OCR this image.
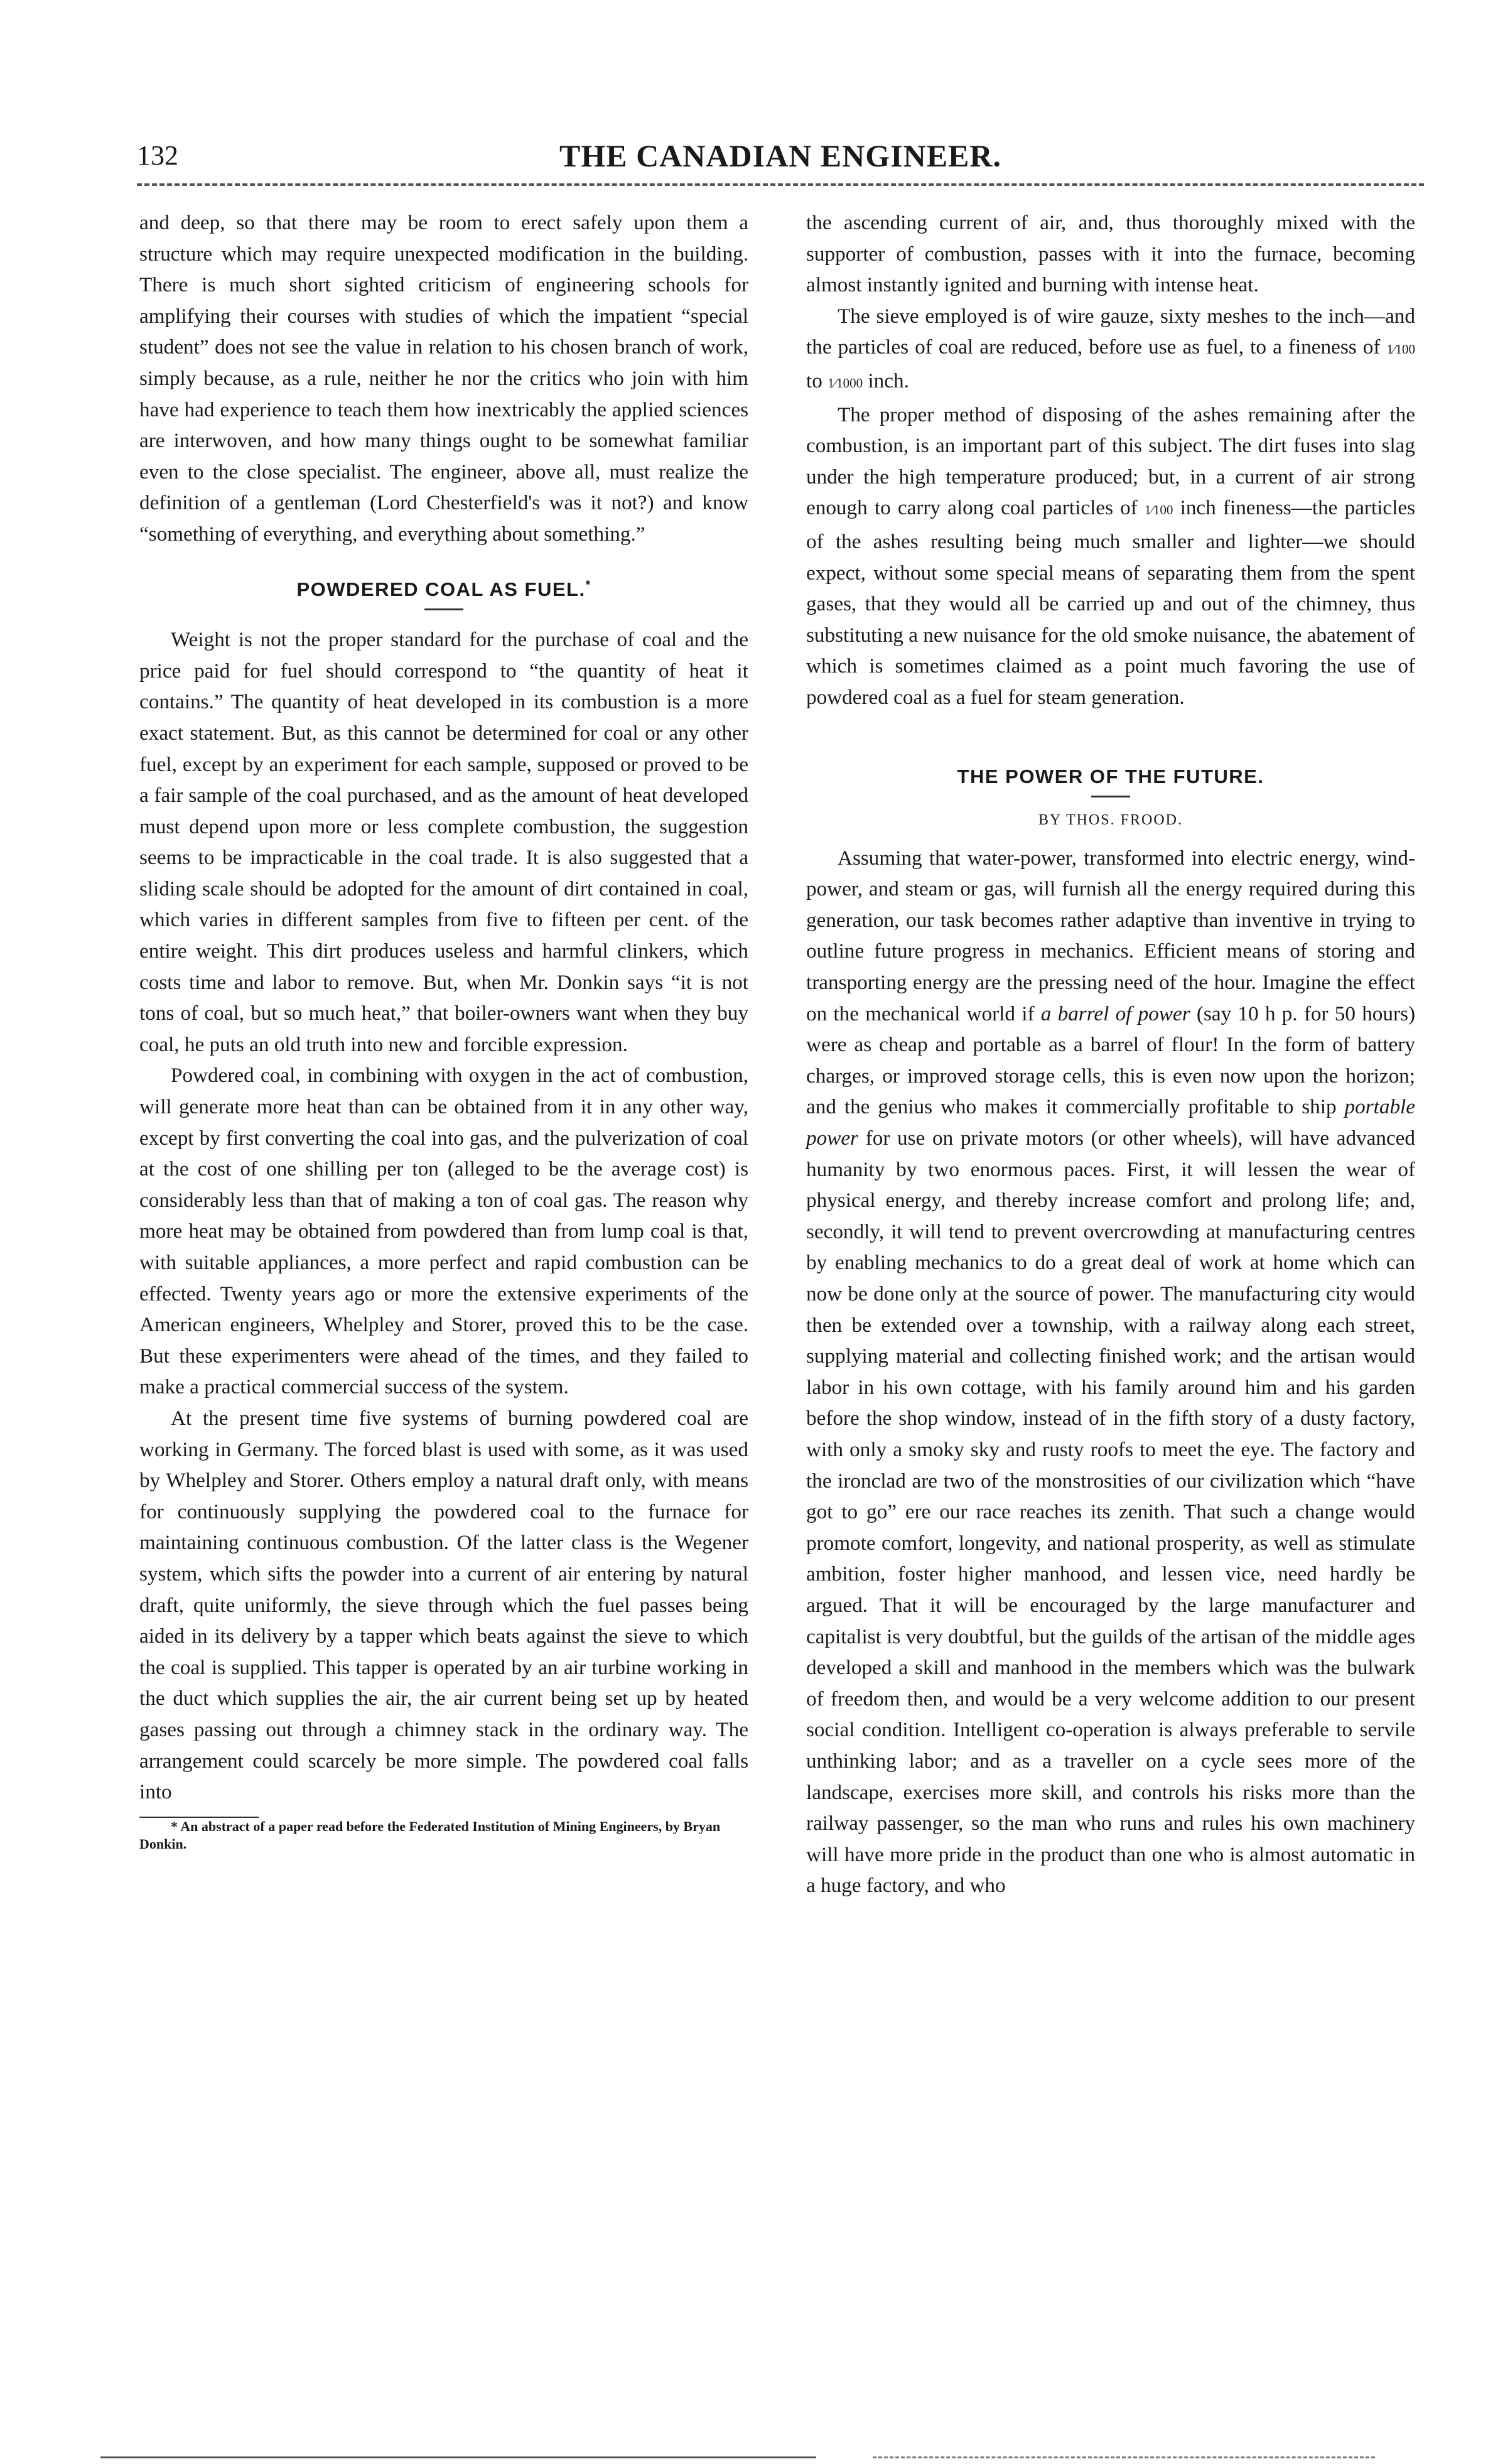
132	THE CANADIAN ENGINEER.

and deep, so that there may be room to erect safely upon them a structure which may require unexpected modification in the building. There is much short sighted criticism of engineering schools for amplifying their courses with studies of which the impatient “special student” does not see the value in relation to his chosen branch of work, simply because, as a rule, neither he nor the critics who join with him have had experience to teach them how inextricably the applied sciences are interwoven, and how many things ought to be somewhat familiar even to the close specialist. The engineer, above all, must realize the definition of a gentleman (Lord Chesterfield's was it not?) and know “something of everything, and everything about something.”

POWDERED COAL AS FUEL.*

Weight is not the proper standard for the purchase of coal and the price paid for fuel should correspond to “the quantity of heat it contains.” The quantity of heat developed in its combustion is a more exact statement. But, as this cannot be determined for coal or any other fuel, except by an experiment for each sample, supposed or proved to be a fair sample of the coal purchased, and as the amount of heat developed must depend upon more or less complete combustion, the suggestion seems to be impracticable in the coal trade. It is also suggested that a sliding scale should be adopted for the amount of dirt contained in coal, which varies in different samples from five to fifteen per cent. of the entire weight. This dirt produces useless and harmful clinkers, which costs time and labor to remove. But, when Mr. Donkin says “it is not tons of coal, but so much heat,” that boiler-owners want when they buy coal, he puts an old truth into new and forcible expression.

Powdered coal, in combining with oxygen in the act of combustion, will generate more heat than can be obtained from it in any other way, except by first converting the coal into gas, and the pulverization of coal at the cost of one shilling per ton (alleged to be the average cost) is considerably less than that of making a ton of coal gas. The reason why more heat may be obtained from powdered than from lump coal is that, with suitable appliances, a more perfect and rapid combustion can be effected. Twenty years ago or more the extensive experiments of the American engineers, Whelpley and Storer, proved this to be the case. But these experimenters were ahead of the times, and they failed to make a practical commercial success of the system.

At the present time five systems of burning powdered coal are working in Germany. The forced blast is used with some, as it was used by Whelpley and Storer. Others employ a natural draft only, with means for continuously supplying the powdered coal to the furnace for maintaining continuous combustion. Of the latter class is the Wegener system, which sifts the powder into a current of air entering by natural draft, quite uniformly, the sieve through which the fuel passes being aided in its delivery by a tapper which beats against the sieve to which the coal is supplied. This tapper is operated by an air turbine working in the duct which supplies the air, the air current being set up by heated gases passing out through a chimney stack in the ordinary way. The arrangement could scarcely be more simple. The powdered coal falls into

* An abstract of a paper read before the Federated Institution of Mining Engineers, by Bryan Donkin.

the ascending current of air, and, thus thoroughly mixed with the supporter of combustion, passes with it into the furnace, becoming almost instantly ignited and burning with intense heat.

The sieve employed is of wire gauze, sixty meshes to the inch—and the particles of coal are reduced, before use as fuel, to a fineness of 1⁄100 to 1⁄1000 inch.

The proper method of disposing of the ashes remaining after the combustion, is an important part of this subject. The dirt fuses into slag under the high temperature produced; but, in a current of air strong enough to carry along coal particles of 1⁄100 inch fineness—the particles of the ashes resulting being much smaller and lighter—we should expect, without some special means of separating them from the spent gases, that they would all be carried up and out of the chimney, thus substituting a new nuisance for the old smoke nuisance, the abatement of which is sometimes claimed as a point much favoring the use of powdered coal as a fuel for steam generation.

THE POWER OF THE FUTURE.
BY THOS. FROOD.

Assuming that water-power, transformed into electric energy, wind-power, and steam or gas, will furnish all the energy required during this generation, our task becomes rather adaptive than inventive in trying to outline future progress in mechanics. Efficient means of storing and transporting energy are the pressing need of the hour. Imagine the effect on the mechanical world if a barrel of power (say 10 h p. for 50 hours) were as cheap and portable as a barrel of flour! In the form of battery charges, or improved storage cells, this is even now upon the horizon; and the genius who makes it commercially profitable to ship portable power for use on private motors (or other wheels), will have advanced humanity by two enormous paces. First, it will lessen the wear of physical energy, and thereby increase comfort and prolong life; and, secondly, it will tend to prevent overcrowding at manufacturing centres by enabling mechanics to do a great deal of work at home which can now be done only at the source of power. The manufacturing city would then be extended over a township, with a railway along each street, supplying material and collecting finished work; and the artisan would labor in his own cottage, with his family around him and his garden before the shop window, instead of in the fifth story of a dusty factory, with only a smoky sky and rusty roofs to meet the eye. The factory and the ironclad are two of the monstrosities of our civilization which “have got to go” ere our race reaches its zenith. That such a change would promote comfort, longevity, and national prosperity, as well as stimulate ambition, foster higher manhood, and lessen vice, need hardly be argued. That it will be encouraged by the large manufacturer and capitalist is very doubtful, but the guilds of the artisan of the middle ages developed a skill and manhood in the members which was the bulwark of freedom then, and would be a very welcome addition to our present social condition. Intelligent co-operation is always preferable to servile unthinking labor; and as a traveller on a cycle sees more of the landscape, exercises more skill, and controls his risks more than the railway passenger, so the man who runs and rules his own machinery will have more pride in the product than one who is almost automatic in a huge factory, and who
